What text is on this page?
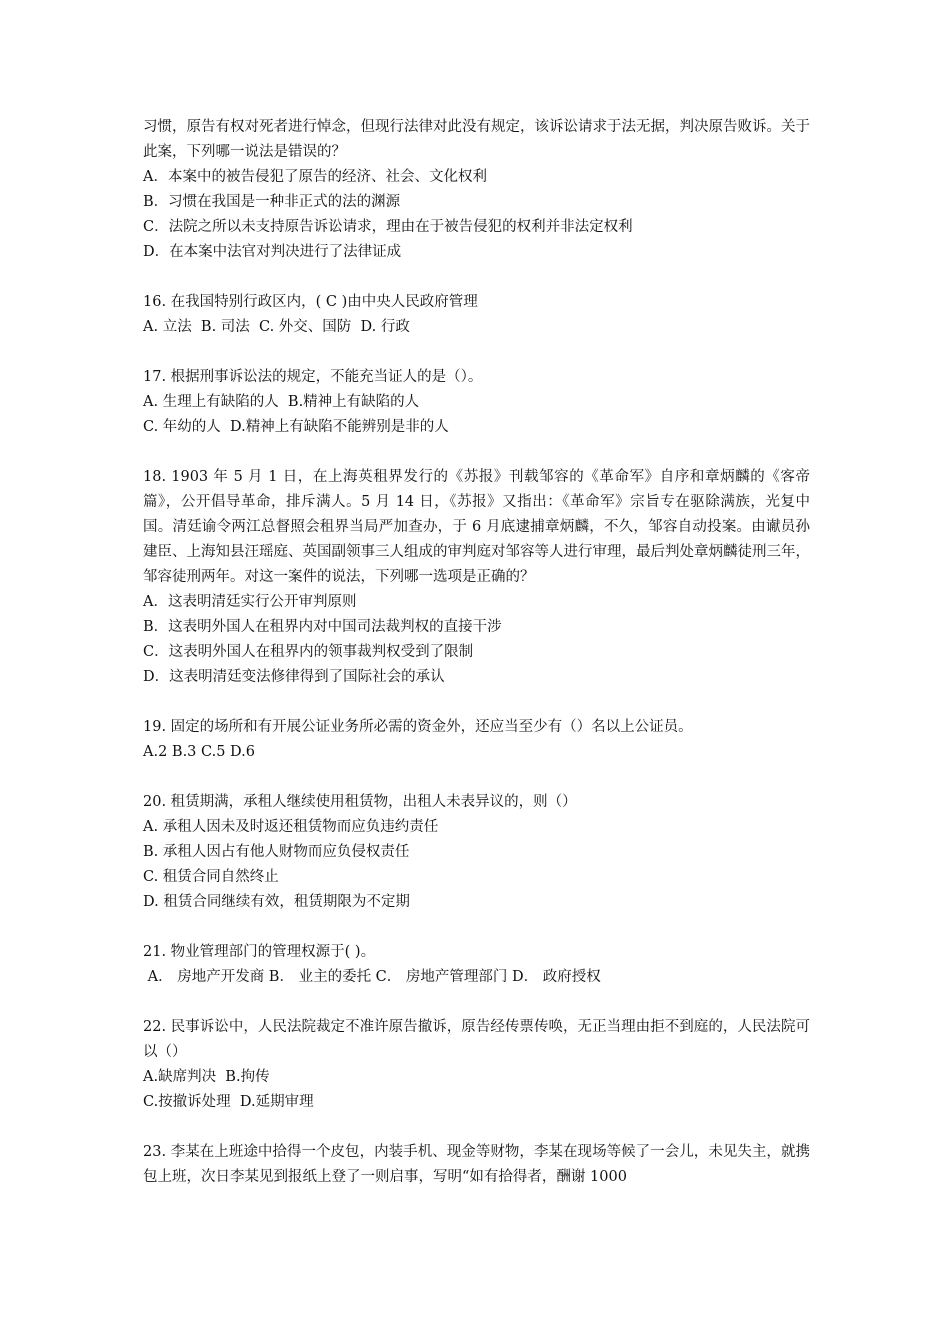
习惯，原告有权对死者进行悼念，但现行法律对此没有规定，该诉讼请求于法无据，判决原告败诉。关于此案，下列哪一说法是错误的？
A．本案中的被告侵犯了原告的经济、社会、文化权利
B．习惯在我国是一种非正式的法的渊源
C．法院之所以未支持原告诉讼请求，理由在于被告侵犯的权利并非法定权利
D．在本案中法官对判决进行了法律证成
16. 在我国特别行政区内，( C )由中央人民政府管理
A. 立法  B. 司法  C. 外交、国防  D. 行政
17. 根据刑事诉讼法的规定，不能充当证人的是（）。
A. 生理上有缺陷的人  B.精神上有缺陷的人
C. 年幼的人  D.精神上有缺陷不能辨别是非的人
18. 1903 年 5 月 1 日，在上海英租界发行的《苏报》刊载邹容的《革命军》自序和章炳麟的《客帝篇》，公开倡导革命，排斥满人。5 月 14 日，《苏报》又指出：《革命军》宗旨专在驱除满族，光复中国。清廷谕令两江总督照会租界当局严加查办，于 6 月底逮捕章炳麟，不久，邹容自动投案。由谳员孙建臣、上海知县汪瑶庭、英国副领事三人组成的审判庭对邹容等人进行审理，最后判处章炳麟徒刑三年，邹容徒刑两年。对这一案件的说法，下列哪一选项是正确的？
A．这表明清廷实行公开审判原则
B．这表明外国人在租界内对中国司法裁判权的直接干涉
C．这表明外国人在租界内的领事裁判权受到了限制
D．这表明清廷变法修律得到了国际社会的承认
19. 固定的场所和有开展公证业务所必需的资金外，还应当至少有（）名以上公证员。
A.2 B.3 C.5 D.6
20. 租赁期满，承租人继续使用租赁物，出租人未表异议的，则（）
A. 承租人因未及时返还租赁物而应负违约责任
B. 承租人因占有他人财物而应负侵权责任
C. 租赁合同自然终止
D. 租赁合同继续有效，租赁期限为不定期
21. 物业管理部门的管理权源于( )。
A． 房地产开发商 B． 业主的委托 C． 房地产管理部门 D． 政府授权
22. 民事诉讼中，人民法院裁定不准许原告撤诉，原告经传票传唤，无正当理由拒不到庭的，人民法院可以（）
A.缺席判决  B.拘传
C.按撤诉处理  D.延期审理
23. 李某在上班途中拾得一个皮包，内装手机、现金等财物，李某在现场等候了一会儿，未见失主，就携包上班，次日李某见到报纸上登了一则启事，写明“如有拾得者，酬谢 1000
